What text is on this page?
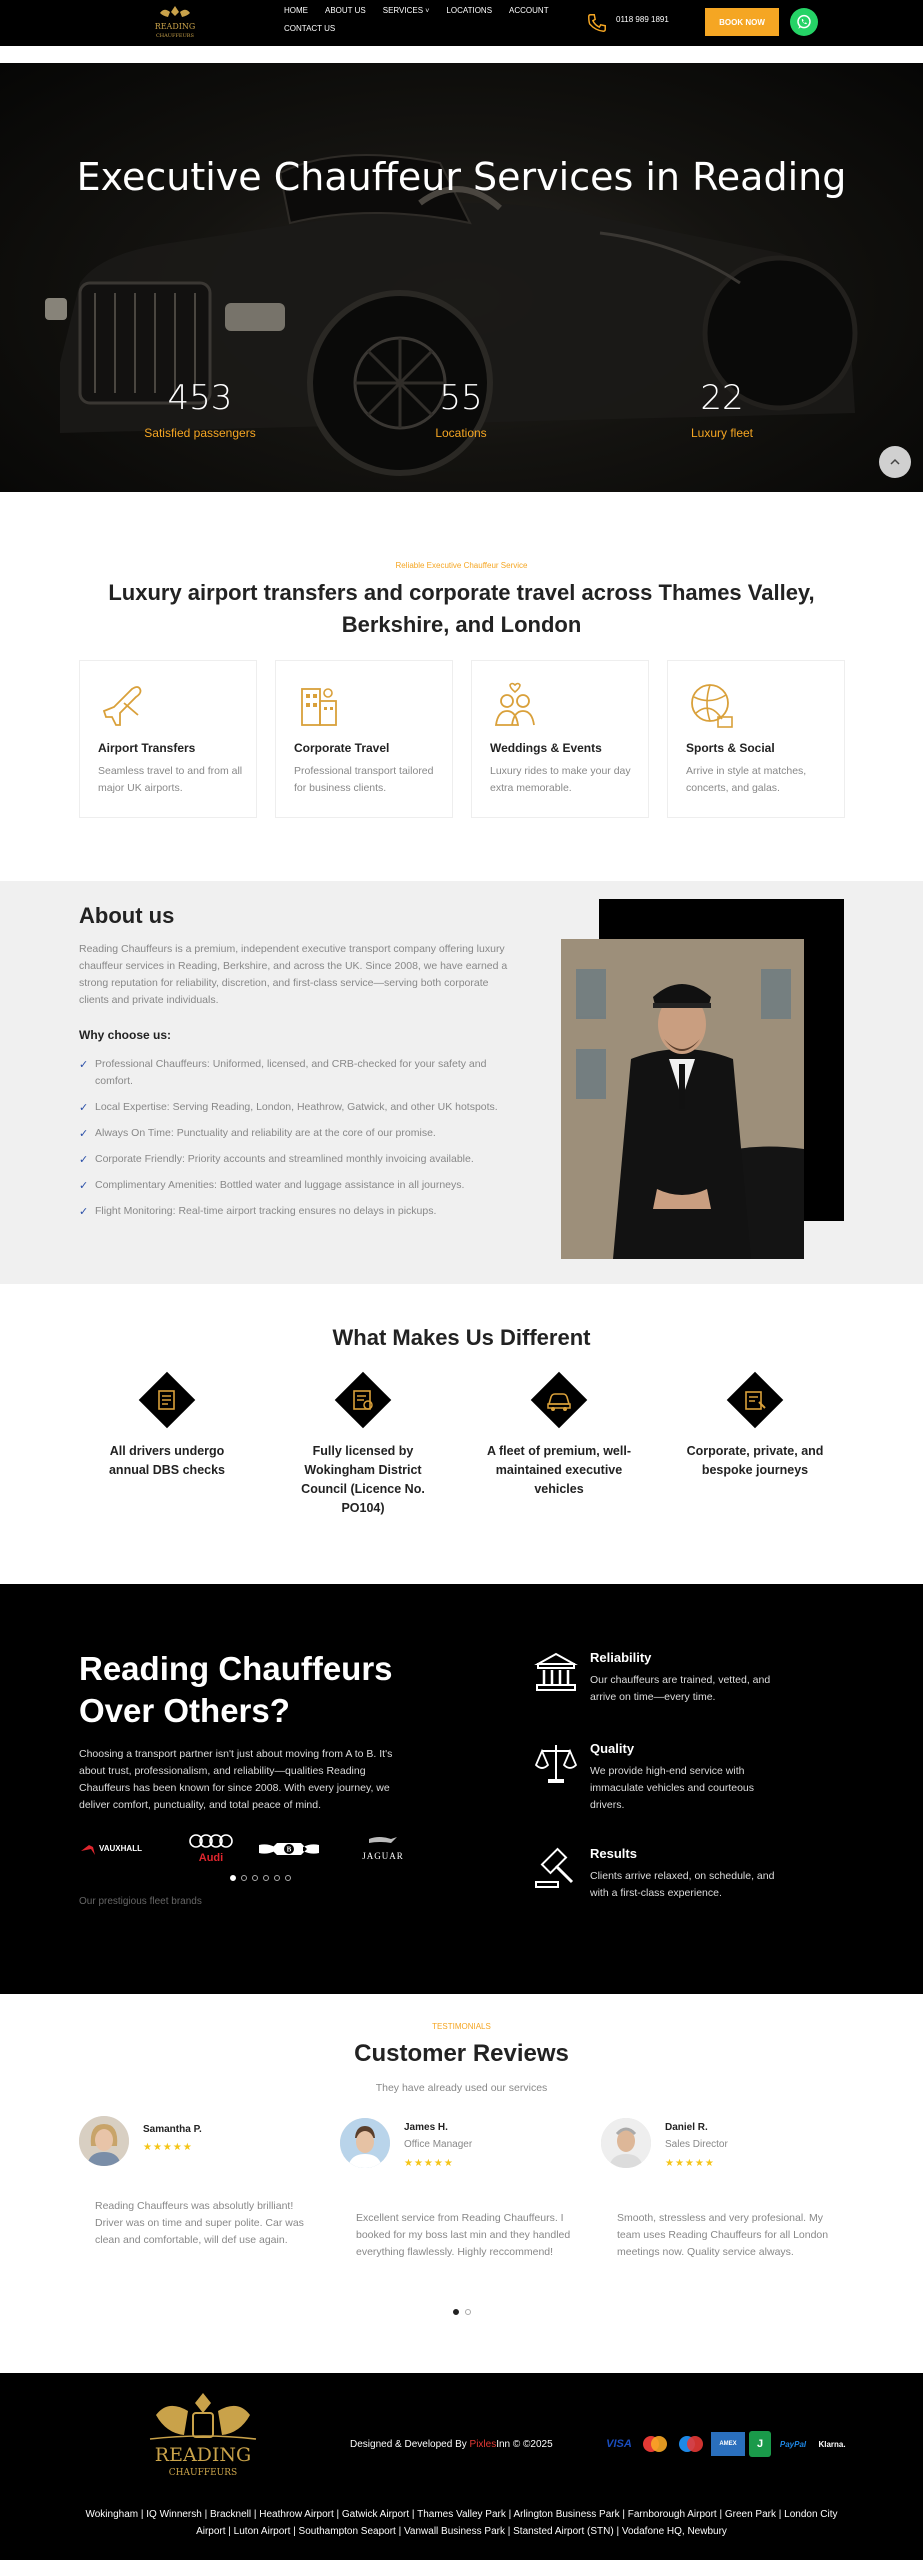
READING
CHAUFFEURS
HOME ABOUT US SERVICES ˅ LOCATIONS ACCOUNT
CONTACT US
0118 989 1891	BOOK NOW
Executive Chauffeur Services in Reading
453
Satisfied passengers
55
Locations
22
Luxury fleet
Reliable Executive Chauffeur Service
Luxury airport transfers and corporate travel across Thames Valley, Berkshire, and London
Airport Transfers
Seamless travel to and from all major UK airports.
Corporate Travel
Professional transport tailored for business clients.
Weddings & Events
Luxury rides to make your day extra memorable.
Sports & Social
Arrive in style at matches, concerts, and galas.
About us
Reading Chauffeurs is a premium, independent executive transport company offering luxury chauffeur services in Reading, Berkshire, and across the UK. Since 2008, we have earned a strong reputation for reliability, discretion, and first-class service—serving both corporate clients and private individuals.
Why choose us:
✓ Professional Chauffeurs: Uniformed, licensed, and CRB-checked for your safety and comfort.
✓ Local Expertise: Serving Reading, London, Heathrow, Gatwick, and other UK hotspots.
✓ Always On Time: Punctuality and reliability are at the core of our promise.
✓ Corporate Friendly: Priority accounts and streamlined monthly invoicing available.
✓ Complimentary Amenities: Bottled water and luggage assistance in all journeys.
✓ Flight Monitoring: Real-time airport tracking ensures no delays in pickups.
What Makes Us Different
All drivers undergo annual DBS checks
Fully licensed by Wokingham District Council (Licence No. PO104)
A fleet of premium, well-maintained executive vehicles
Corporate, private, and bespoke journeys
Reading Chauffeurs Over Others?
Choosing a transport partner isn't just about moving from A to B. It's about trust, professionalism, and reliability—qualities Reading Chauffeurs has been known for since 2008. With every journey, we deliver comfort, punctuality, and total peace of mind.
VAUXHALL
Audi
B
JAGUAR
Our prestigious fleet brands
Reliability
Our chauffeurs are trained, vetted, and arrive on time—every time.
Quality
We provide high-end service with immaculate vehicles and courteous drivers.
Results
Clients arrive relaxed, on schedule, and with a first-class experience.
TESTIMONIALS
Customer Reviews
They have already used our services
Samantha P.
★★★★★
Reading Chauffeurs was absolutly brilliant! Driver was on time and super polite. Car was clean and comfortable, will def use again.
James H.
Office Manager
★★★★★
Excellent service from Reading Chauffeurs. I booked for my boss last min and they handled everything flawlessly. Highly reccommend!
Daniel R.
Sales Director
★★★★★
Smooth, stressless and very profesional. My team uses Reading Chauffeurs for all London meetings now. Quality service always.
READING
CHAUFFEURS
Designed & Developed By PixlesInn © ©2025	VISA	AMEX	J	PayPal	Klarna.
Wokingham | IQ Winnersh | Bracknell | Heathrow Airport | Gatwick Airport | Thames Valley Park | Arlington Business Park | Farnborough Airport | Green Park | London City Airport | Luton Airport | Southampton Seaport | Vanwall Business Park | Stansted Airport (STN) | Vodafone HQ, Newbury
